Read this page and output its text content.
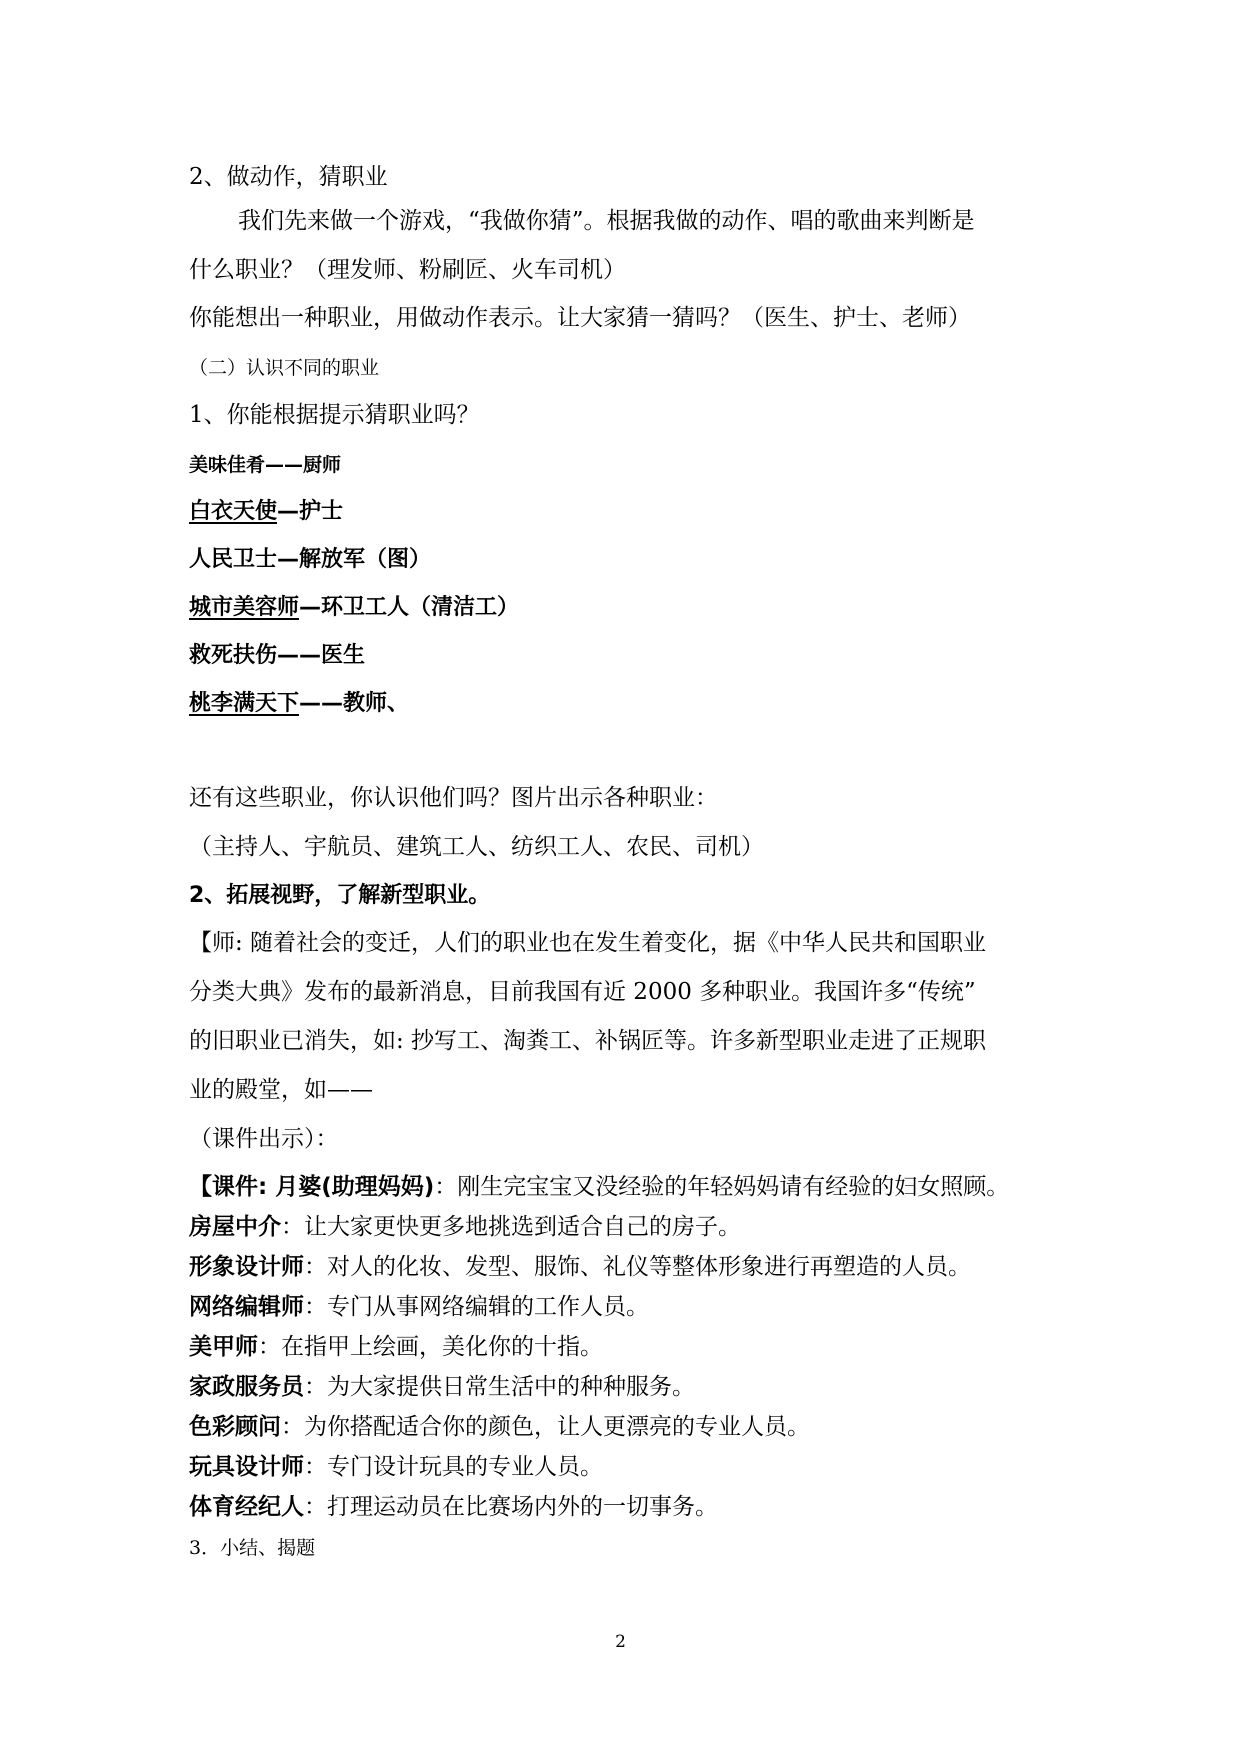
2、做动作，猜职业
我们先来做一个游戏，“我做你猜”。根据我做的动作、唱的歌曲来判断是
什么职业？（理发师、粉刷匠、火车司机）
你能想出一种职业，用做动作表示。让大家猜一猜吗？（医生、护士、老师）
（二）认识不同的职业
1、你能根据提示猜职业吗？
美味佳肴——厨师
白衣天使—护士
人民卫士—解放军（图）
城市美容师—环卫工人（清洁工）
救死扶伤——医生
桃李满天下——教师、
还有这些职业，你认识他们吗？图片出示各种职业：
（主持人、宇航员、建筑工人、纺织工人、农民、司机）
2、拓展视野，了解新型职业。
【师: 随着社会的变迁，人们的职业也在发生着变化，据《中华人民共和国职业
分类大典》发布的最新消息，目前我国有近 2000 多种职业。我国许多“传统”
的旧职业已消失，如: 抄写工、淘粪工、补锅匠等。许多新型职业走进了正规职
业的殿堂，如——
（课件出示）：
【课件: 月婆(助理妈妈)：刚生完宝宝又没经验的年轻妈妈请有经验的妇女照顾。
房屋中介：让大家更快更多地挑选到适合自己的房子。
形象设计师：对人的化妆、发型、服饰、礼仪等整体形象进行再塑造的人员。
网络编辑师：专门从事网络编辑的工作人员。
美甲师：在指甲上绘画，美化你的十指。
家政服务员：为大家提供日常生活中的种种服务。
色彩顾问：为你搭配适合你的颜色，让人更漂亮的专业人员。
玩具设计师：专门设计玩具的专业人员。
体育经纪人：打理运动员在比赛场内外的一切事务。
3．小结、揭题
2
